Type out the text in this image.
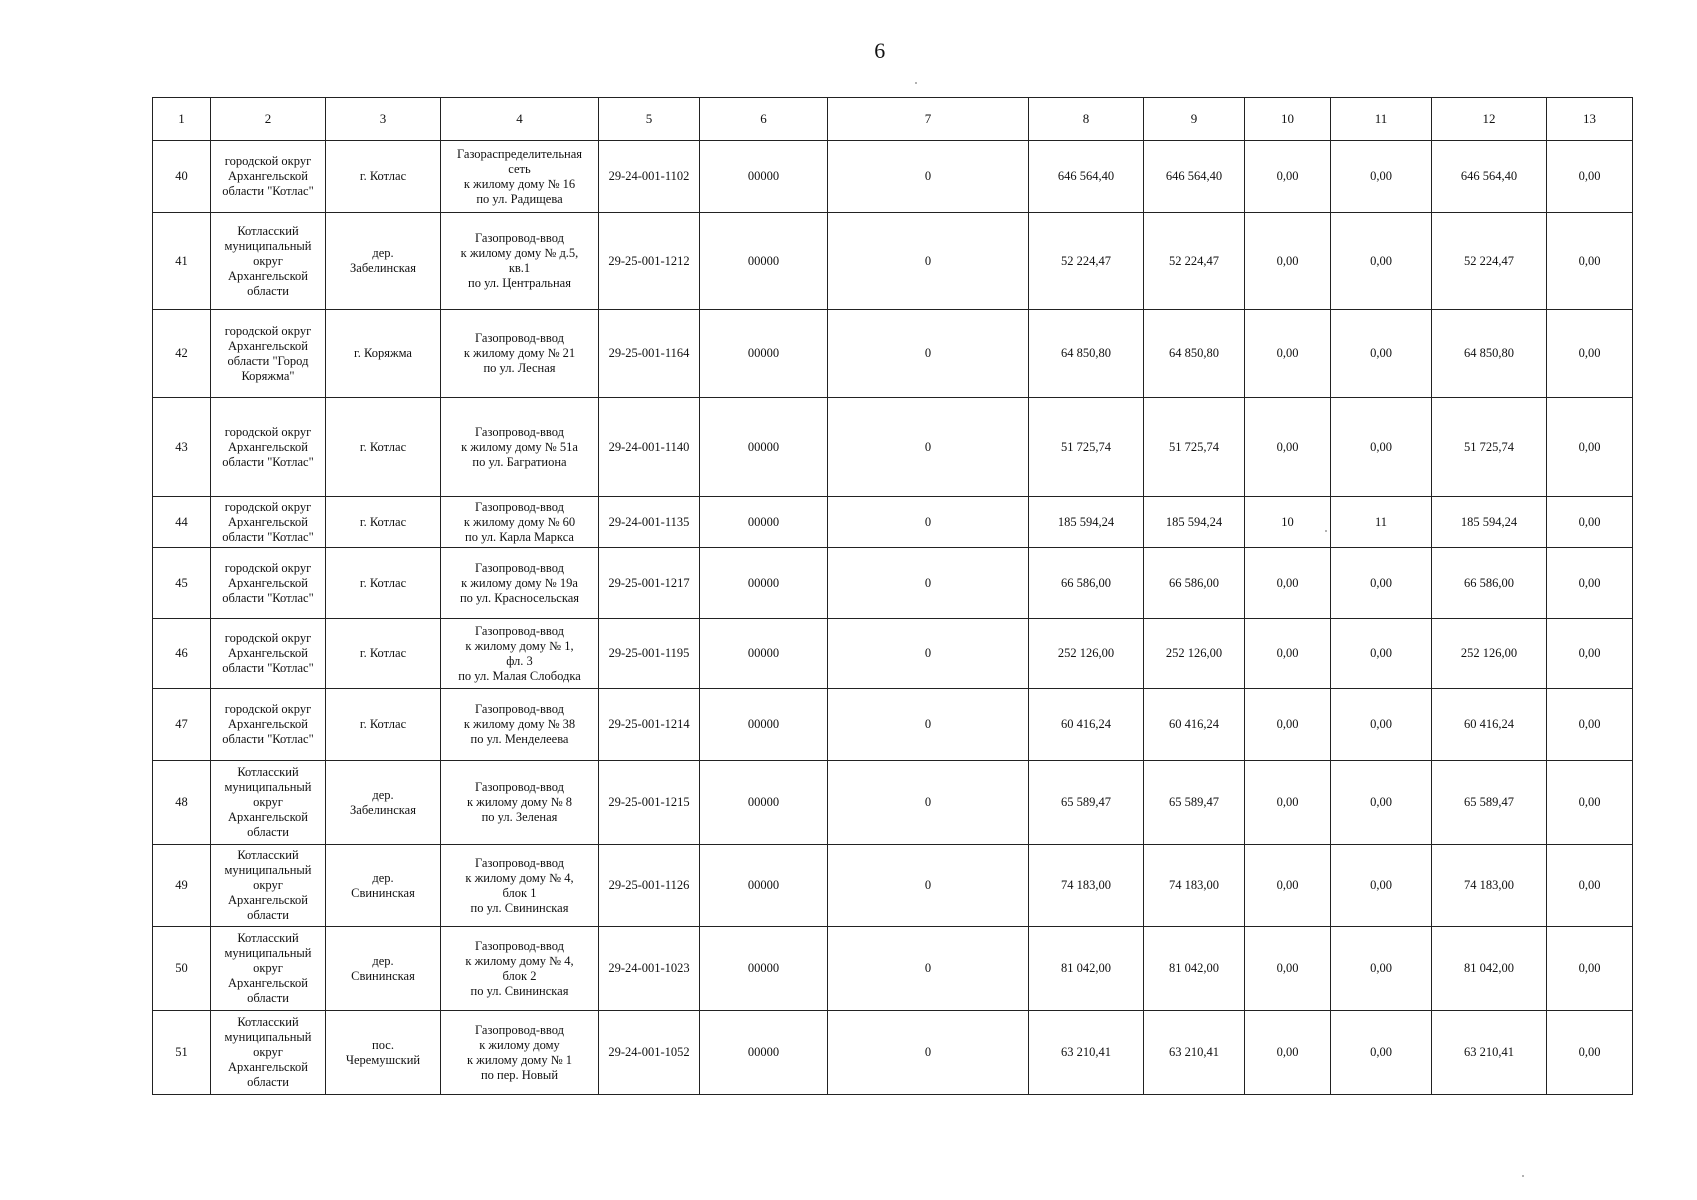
6
1	2	3	4	5	6	7	8	9	10	11	12	13
40	городской округ
Архангельской
области "Котлас"	г. Котлас	Газораспределительная
сеть
к жилому дому № 16
по ул. Радищева	29-24-001-1102	00000	0	646 564,40	646 564,40	0,00	0,00	646 564,40	0,00
41	Котласский
муниципальный
округ
Архангельской
области	дер.
Забелинская	Газопровод-ввод
к жилому дому № д.5,
кв.1
по ул. Центральная	29-25-001-1212	00000	0	52 224,47	52 224,47	0,00	0,00	52 224,47	0,00
42	городской округ
Архангельской
области "Город
Коряжма"	г. Коряжма	Газопровод-ввод
к жилому дому № 21
по ул. Лесная	29-25-001-1164	00000	0	64 850,80	64 850,80	0,00	0,00	64 850,80	0,00
43	городской округ
Архангельской
области "Котлас"	г. Котлас	Газопровод-ввод
к жилому дому № 51а
по ул. Багратиона	29-24-001-1140	00000	0	51 725,74	51 725,74	0,00	0,00	51 725,74	0,00
44	городской округ
Архангельской
области "Котлас"	г. Котлас	Газопровод-ввод
к жилому дому № 60
по ул. Карла Маркса	29-24-001-1135	00000	0	185 594,24	185 594,24	10	11	185 594,24	0,00
45	городской округ
Архангельской
области "Котлас"	г. Котлас	Газопровод-ввод
к жилому дому № 19а
по ул. Красносельская	29-25-001-1217	00000	0	66 586,00	66 586,00	0,00	0,00	66 586,00	0,00
46	городской округ
Архангельской
области "Котлас"	г. Котлас	Газопровод-ввод
к жилому дому № 1,
фл. 3
по ул. Малая Слободка	29-25-001-1195	00000	0	252 126,00	252 126,00	0,00	0,00	252 126,00	0,00
47	городской округ
Архангельской
области "Котлас"	г. Котлас	Газопровод-ввод
к жилому дому № 38
по ул. Менделеева	29-25-001-1214	00000	0	60 416,24	60 416,24	0,00	0,00	60 416,24	0,00
48	Котласский
муниципальный
округ
Архангельской
области	дер.
Забелинская	Газопровод-ввод
к жилому дому № 8
по ул. Зеленая	29-25-001-1215	00000	0	65 589,47	65 589,47	0,00	0,00	65 589,47	0,00
49	Котласский
муниципальный
округ
Архангельской
области	дер.
Свининская	Газопровод-ввод
к жилому дому № 4,
блок 1
по ул. Свининская	29-25-001-1126	00000	0	74 183,00	74 183,00	0,00	0,00	74 183,00	0,00
50	Котласский
муниципальный
округ
Архангельской
области	дер.
Свининская	Газопровод-ввод
к жилому дому № 4,
блок 2
по ул. Свининская	29-24-001-1023	00000	0	81 042,00	81 042,00	0,00	0,00	81 042,00	0,00
51	Котласский
муниципальный
округ
Архангельской
области	пос.
Черемушский	Газопровод-ввод
к жилому дому
к жилому дому № 1
по пер. Новый	29-24-001-1052	00000	0	63 210,41	63 210,41	0,00	0,00	63 210,41	0,00
